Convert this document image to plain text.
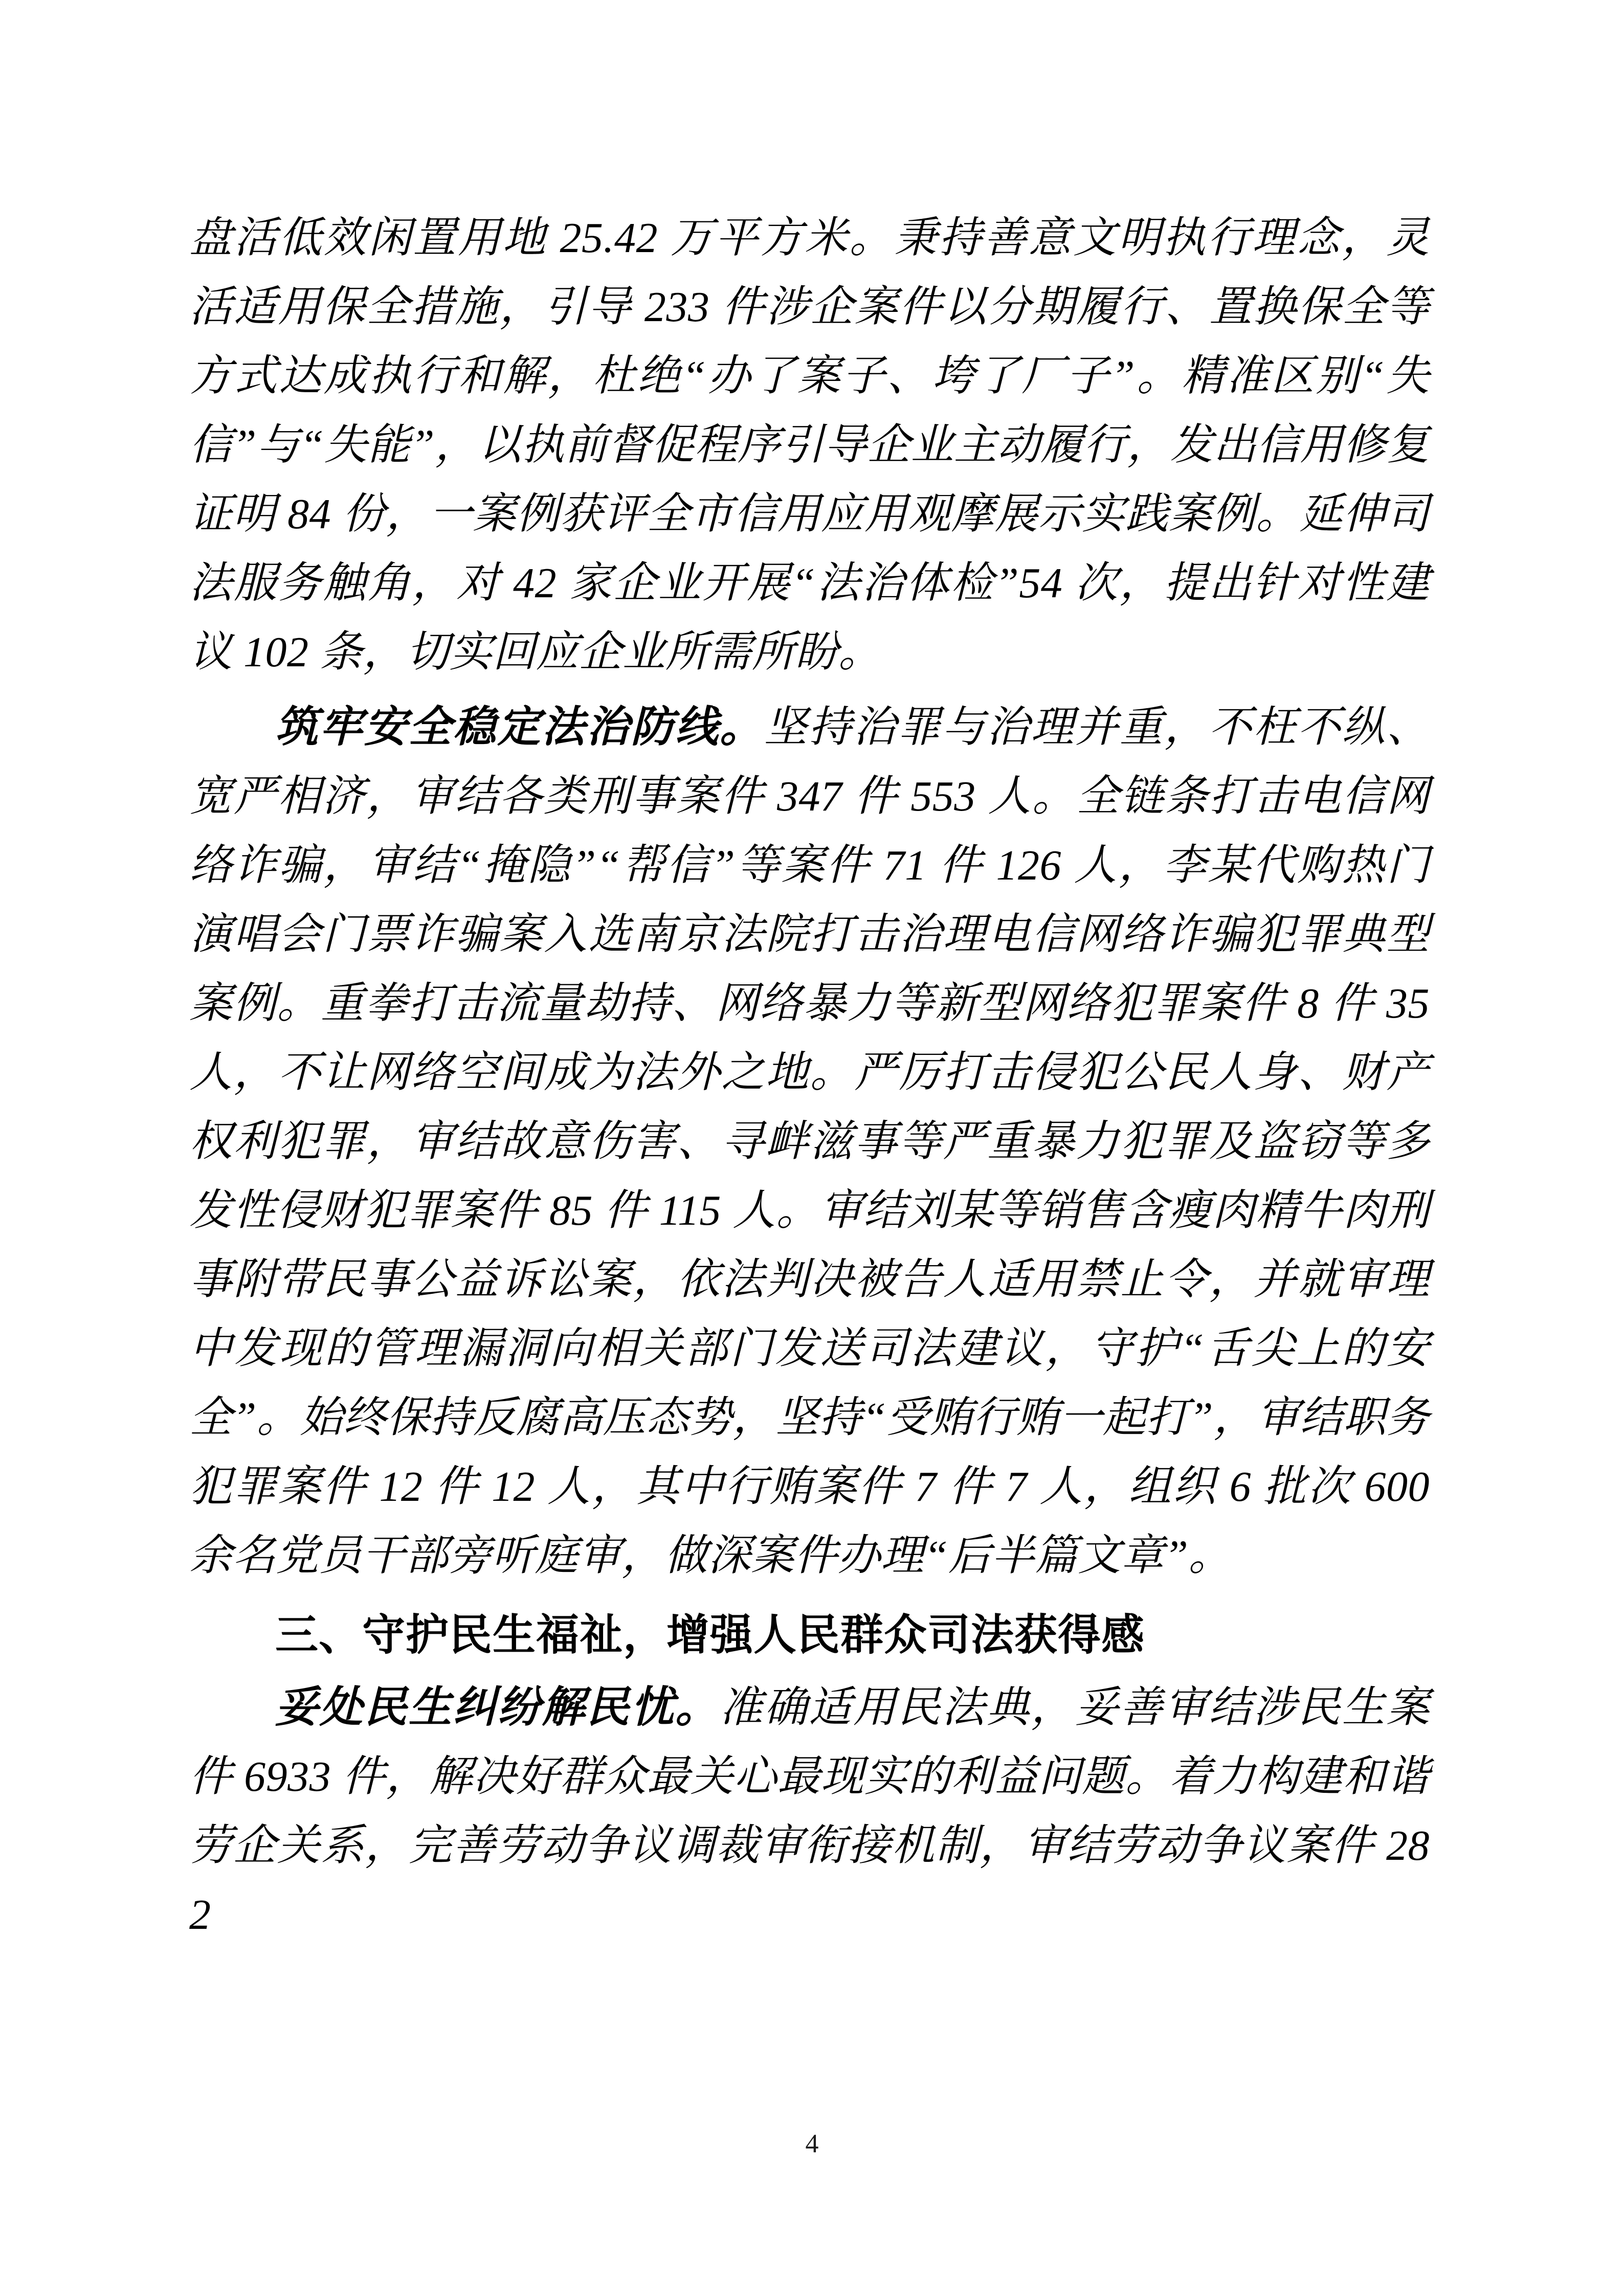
盘活低效闲置用地 25.42 万平方米。秉持善意文明执行理念，灵活适用保全措施，引导 233 件涉企案件以分期履行、置换保全等方式达成执行和解，杜绝“办了案子、垮了厂子”。精准区别“失信”与“失能”，以执前督促程序引导企业主动履行，发出信用修复证明 84 份，一案例获评全市信用应用观摩展示实践案例。延伸司法服务触角，对 42 家企业开展“法治体检”54 次，提出针对性建议 102 条，切实回应企业所需所盼。

筑牢安全稳定法治防线。坚持治罪与治理并重，不枉不纵、宽严相济，审结各类刑事案件 347 件 553 人。全链条打击电信网络诈骗，审结“掩隐”“帮信”等案件 71 件 126 人，李某代购热门演唱会门票诈骗案入选南京法院打击治理电信网络诈骗犯罪典型案例。重拳打击流量劫持、网络暴力等新型网络犯罪案件 8 件 35 人，不让网络空间成为法外之地。严厉打击侵犯公民人身、财产权利犯罪，审结故意伤害、寻衅滋事等严重暴力犯罪及盗窃等多发性侵财犯罪案件 85 件 115 人。审结刘某等销售含瘦肉精牛肉刑事附带民事公益诉讼案，依法判决被告人适用禁止令，并就审理中发现的管理漏洞向相关部门发送司法建议，守护“舌尖上的安全”。始终保持反腐高压态势，坚持“受贿行贿一起打”，审结职务犯罪案件 12 件 12 人，其中行贿案件 7 件 7 人，组织 6 批次 600 余名党员干部旁听庭审，做深案件办理“后半篇文章”。

三、守护民生福祉，增强人民群众司法获得感

妥处民生纠纷解民忧。准确适用民法典，妥善审结涉民生案件 6933 件，解决好群众最关心最现实的利益问题。着力构建和谐劳企关系，完善劳动争议调裁审衔接机制，审结劳动争议案件 282

4
